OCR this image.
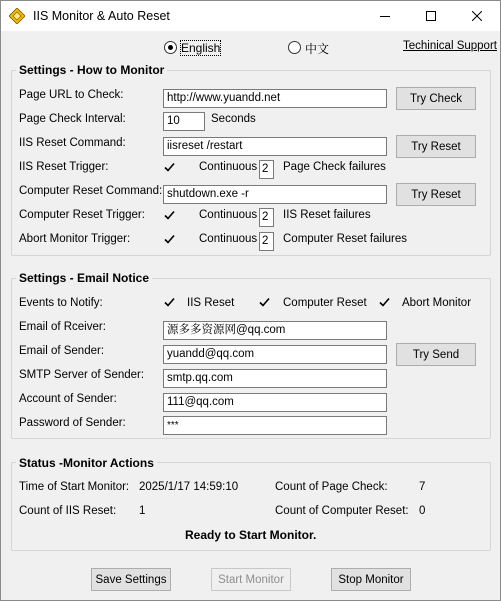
IIS Monitor & Auto Reset
English	中文	Techinical Support
Settings - How to Monitor
Page URL to Check:	http://www.yuandd.net	Try Check
Page Check Interval:	10	Seconds
IIS Reset Command:	iisreset /restart	Try Reset
IIS Reset Trigger:	Continuous 2	Page Check failures
Computer Reset Command: shutdown.exe -r	Try Reset
Computer Reset Trigger:	Continuous 2	IIS Reset failures
Abort Monitor Trigger:	Continuous 2	Computer Reset failures
Settings - Email Notice
Events to Notify:	IIS Reset	Computer Reset	Abort Monitor
Email of Rceiver:	源多多资源网@qq.com
Email of Sender:	yuandd@qq.com	Try Send
SMTP Server of Sender:	smtp.qq.com
Account of Sender:	111@qq.com
Password of Sender:	***
Status -Monitor Actions
Time of Start Monitor: 2025/1/17 14:59:10	Count of Page Check:	7
Count of IIS Reset: 1	Count of Computer Reset: 0
Ready to Start Monitor.
Save Settings	Start Monitor	Stop Monitor
